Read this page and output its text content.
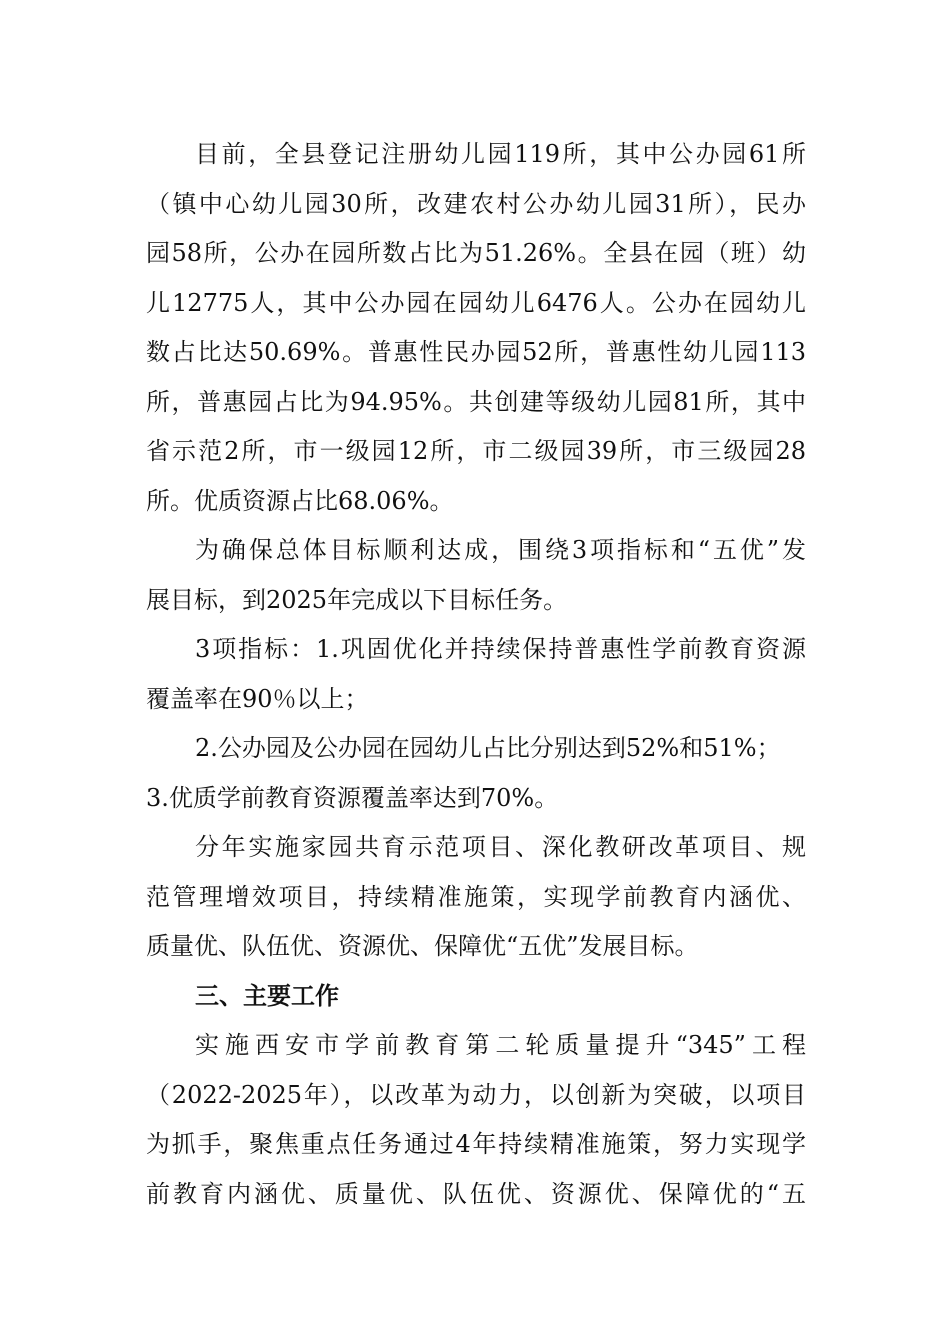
目前，全县登记注册幼儿园119所，其中公办园61所
（镇中心幼儿园30所，改建农村公办幼儿园31所），民办
园58所，公办在园所数占比为51.26%。全县在园（班）幼
儿12775人，其中公办园在园幼儿6476人。公办在园幼儿
数占比达50.69%。普惠性民办园52所，普惠性幼儿园113
所，普惠园占比为94.95%。共创建等级幼儿园81所，其中
省示范2所，市一级园12所，市二级园39所，市三级园28
所。优质资源占比68.06%。
为确保总体目标顺利达成，围绕3项指标和“五优”发
展目标，到2025年完成以下目标任务。
3项指标：1.巩固优化并持续保持普惠性学前教育资源
覆盖率在90％以上；
2.公办园及公办园在园幼儿占比分别达到52%和51%；
3.优质学前教育资源覆盖率达到70%。
分年实施家园共育示范项目、深化教研改革项目、规
范管理增效项目，持续精准施策，实现学前教育内涵优、
质量优、队伍优、资源优、保障优“五优”发展目标。
三、主要工作
实施西安市学前教育第二轮质量提升“345”工程
（2022-2025年），以改革为动力，以创新为突破，以项目
为抓手，聚焦重点任务通过4年持续精准施策，努力实现学
前教育内涵优、质量优、队伍优、资源优、保障优的“五
